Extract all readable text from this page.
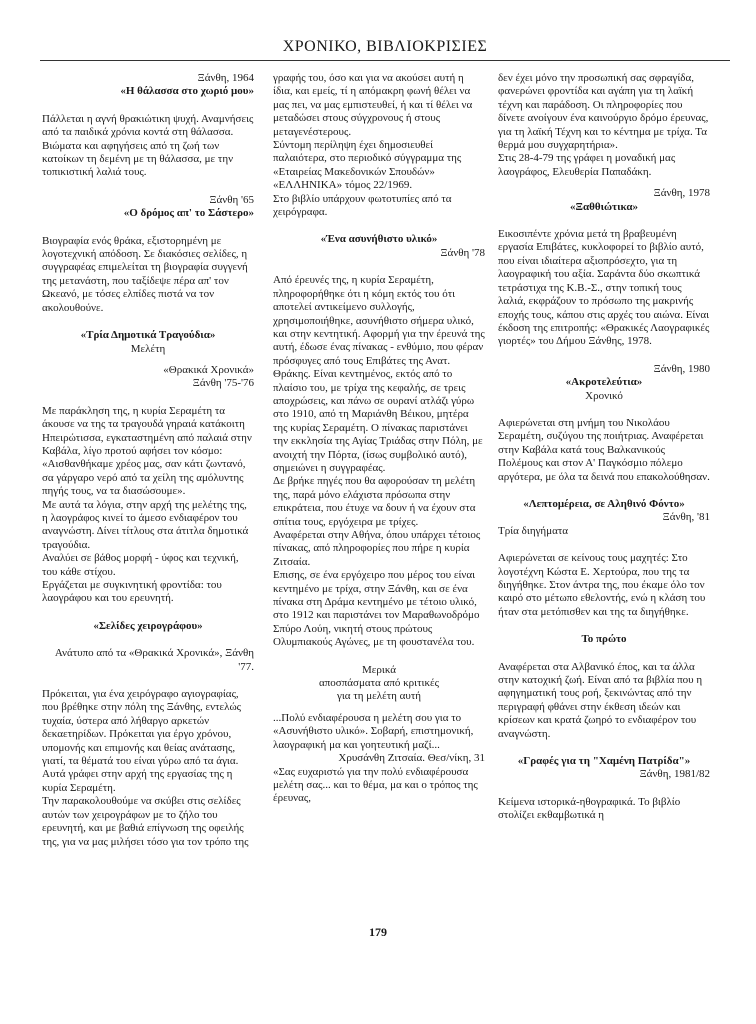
ΧΡΟΝΙΚΟ, ΒΙΒΛΙΟΚΡΙΣΙΕΣ

Ξάνθη, 1964

«Η θάλασσα στο χωριό μου»

Πάλλεται η αγνή θρακιώτικη ψυχή. Αναμνήσεις από τα παιδικά χρόνια κοντά στη θάλασσα. Βιώματα και αφηγήσεις από τη ζωή των κατοίκων τη δεμένη με τη θάλασσα, με την τοπικιστική λαλιά τους.

Ξάνθη '65

«Ο δρόμος απ' το Σάστερο»

Βιογραφία ενός θράκα, εξιστορημένη με λογοτεχνική απόδοση. Σε διακόσιες σελίδες, η συγγραφέας επιμελείται τη βιογραφία συγγενή της μετανάστη, που ταξίδεψε πέρα απ' τον Ωκεανό, με τόσες ελπίδες πιστά να τον ακολουθούνε.

«Τρία Δημοτικά Τραγούδια»

Μελέτη

«Θρακικά Χρονικά»

Ξάνθη '75-'76

Με παράκληση της, η κυρία Σεραμέτη τα άκουσε να της τα τραγουδά γηραιά κατάκοιτη Ηπειρώτισσα, εγκαταστημένη από παλαιά στην Καβάλα, λίγο προτού αφήσει τον κόσμο: «Αισθανθήκαμε χρέος μας, σαν κάτι ζωντανό, σα γάργαρο νερό από τα χείλη της αμόλυντης πηγής τους, να τα διασώσουμε».

Με αυτά τα λόγια, στην αρχή της μελέτης της, η λαογράφος κινεί το άμεσο ενδιαφέρον του αναγνώστη. Δίνει τίτλους στα άτιτλα δημοτικά τραγούδια.

Αναλύει σε βάθος μορφή - ύφος και τεχνική, του κάθε στίχου.

Εργάζεται με συγκινητική φροντίδα: του λαογράφου και του ερευνητή.

«Σελίδες χειρογράφου»

Ανάτυπο από τα «Θρακικά Χρονικά», Ξάνθη '77.

Πρόκειται, για ένα χειρόγραφο αγιογραφίας, που βρέθηκε στην πόλη της Ξάνθης, εντελώς τυχαία, ύστερα από λήθαργο αρκετών δεκαετηρίδων. Πρόκειται για έργο χρόνου, υπομονής και επιμονής και θείας ανάτασης, γιατί, τα θέματά του είναι γύρω από τα άγια.

Αυτά γράφει στην αρχή της εργασίας της η κυρία Σεραμέτη.

Την παρακολουθούμε να σκύβει στις σελίδες αυτών των χειρογράφων με το ζήλο του ερευνητή, και με βαθιά επίγνωση της οφειλής της, για να μας μιλήσει τόσο για τον τρόπο της

γραφής του, όσο και για να ακούσει αυτή η ίδια, και εμείς, τί η απόμακρη φωνή θέλει να μας πει, να μας εμπιστευθεί, ή και τί θέλει να μεταδώσει στους σύγχρονους ή στους μεταγενέστερους.

Σύντομη περίληψη έχει δημοσιευθεί παλαιότερα, στο περιοδικό σύγγραμμα της «Εταιρείας Μακεδονικών Σπουδών» «ΕΛΛΗΝΙΚΑ» τόμος 22/1969.

Στο βιβλίο υπάρχουν φωτοτυπίες από τα χειρόγραφα.

«Ένα ασυνήθιστο υλικό»

Ξάνθη '78

Από έρευνές της, η κυρία Σεραμέτη, πληροφορήθηκε ότι η κόμη εκτός του ότι αποτελεί αντικείμενο συλλογής, χρησιμοποιήθηκε, ασυνήθιστο σήμερα υλικό, και στην κεντητική. Αφορμή για την έρευνά της αυτή, έδωσε ένας πίνακας - ενθύμιο, που φέραν πρόσφυγες από τους Επιβάτες της Ανατ. Θράκης. Είναι κεντημένος, εκτός από το πλαίσιο του, με τρίχα της κεφαλής, σε τρεις αποχρώσεις, και πάνω σε ουρανί ατλάζι γύρω στο 1910, από τη Μαριάνθη Βέικου, μητέρα της κυρίας Σεραμέτη. Ο πίνακας παριστάνει την εκκλησία της Αγίας Τριάδας στην Πόλη, με ανοιχτή την Πόρτα, (ίσως συμβολικό αυτό), σημειώνει η συγγραφέας.

Δε βρήκε πηγές που θα αφορούσαν τη μελέτη της, παρά μόνο ελάχιστα πρόσωπα στην επικράτεια, που έτυχε να δουν ή να έχουν στα σπίτια τους, εργόχειρα με τρίχες.

Αναφέρεται στην Αθήνα, όπου υπάρχει τέτοιος πίνακας, από πληροφορίες που πήρε η κυρία Ζιτσαία.

Επισης, σε ένα εργόχειρο που μέρος του είναι κεντημένο με τρίχα, στην Ξάνθη, και σε ένα πίνακα στη Δράμα κεντημένο με τέτοιο υλικό, στο 1912 και παριστάνει τον Μαραθωνοδρόμο Σπύρο Λούη, νικητή στους πρώτους Ολυμπιακούς Αγώνες, με τη φουστανέλα του.

Μερικά

αποσπάσματα από κριτικές

για τη μελέτη αυτή

...Πολύ ενδιαφέρουσα η μελέτη σου για το «Ασυνήθιστο υλικό». Σοβαρή, επιστημονική, λαογραφική μα και γοητευτική μαζί...

Χρυσάνθη Ζιτσαία. Θεσ/νίκη, 31

«Σας ευχαριστώ για την πολύ ενδιαφέρουσα μελέτη σας... και το θέμα, μα και ο τρόπος της έρευνας,

δεν έχει μόνο την προσωπική σας σφραγίδα, φανερώνει φροντίδα και αγάπη για τη λαϊκή τέχνη και παράδοση. Οι πληροφορίες που δίνετε ανοίγουν ένα καινούργιο δρόμο έρευνας, για τη λαϊκή Τέχνη και το κέντημα με τρίχα. Τα θερμά μου συγχαρητήρια».

Στις 28-4-79 της γράφει η μοναδική μας λαογράφος, Ελευθερία Παπαδάκη.

Ξάνθη, 1978

«Ξαθθιώτικα»

Εικοσιπέντε χρόνια μετά τη βραβευμένη εργασία Επιβάτες, κυκλοφορεί το βιβλίο αυτό, που είναι ιδιαίτερα αξιοπρόσεχτο, για τη λαογραφική του αξία. Σαράντα δύο σκωπτικά τετράστιχα της Κ.Β.-Σ., στην τοπική τους λαλιά, εκφράζουν το πρόσωπο της μακρινής εποχής τους, κάπου στις αρχές του αιώνα. Είναι έκδοση της επιτροπής: «Θρακικές Λαογραφικές γιορτές» του Δήμου Ξάνθης, 1978.

Ξάνθη, 1980

«Ακροτελεύτια»

Χρονικό

Αφιερώνεται στη μνήμη του Νικολάου Σεραμέτη, συζύγου της ποιήτριας. Αναφέρεται στην Καβάλα κατά τους Βαλκανικούς Πολέμους και στον Α' Παγκόσμιο πόλεμο αργότερα, με όλα τα δεινά που επακολούθησαν.

«Λεπτομέρεια, σε Αληθινό Φόντο»

Ξάνθη, '81

Τρία διηγήματα

Αφιερώνεται σε κείνους τους μαχητές: Στο λογοτέχνη Κώστα Ε. Χερτούρα, που της τα διηγήθηκε. Στον άντρα της, που έκαμε όλο τον καιρό στο μέτωπο εθελοντής, ενώ η κλάση του ήταν στα μετόπισθεν και της τα διηγήθηκε.

Το πρώτο

Αναφέρεται στα Αλβανικό έπος, και τα άλλα στην κατοχική ζωή. Είναι από τα βιβλία που η αφηγηματική τους ροή, ξεκινώντας από την περιγραφή φθάνει στην έκθεση ιδεών και κρίσεων και κρατά ζωηρό το ενδιαφέρον του αναγνώστη.

«Γραφές για τη "Χαμένη Πατρίδα"»

Ξάνθη, 1981/82

Κείμενα ιστορικά-ηθογραφικά. Το βιβλίο στολίζει εκθαμβωτικά η

179
